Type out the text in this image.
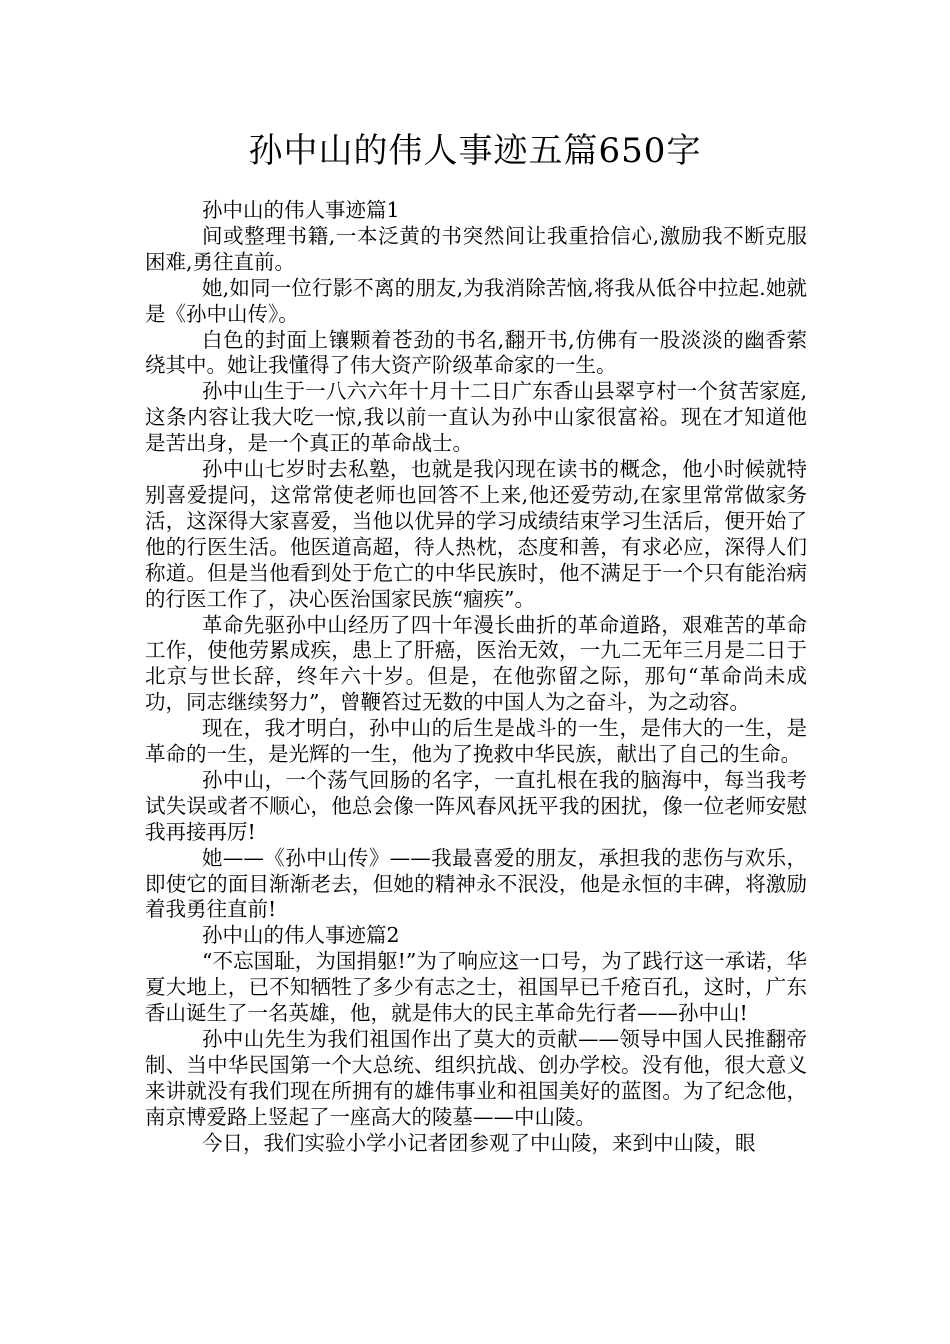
孙中山的伟人事迹五篇650字

孙中山的伟人事迹篇1

间或整理书籍,一本泛黄的书突然间让我重拾信心,激励我不断克服困难,勇往直前。

她,如同一位行影不离的朋友,为我消除苦恼,将我从低谷中拉起.她就是《孙中山传》。

白色的封面上镶颗着苍劲的书名,翻开书,仿佛有一股淡淡的幽香萦绕其中。她让我懂得了伟大资产阶级革命家的一生。

孙中山生于一八六六年十月十二日广东香山县翠亨村一个贫苦家庭,这条内容让我大吃一惊,我以前一直认为孙中山家很富裕。现在才知道他是苦出身，是一个真正的革命战士。

孙中山七岁时去私塾，也就是我闪现在读书的概念，他小时候就特别喜爱提问，这常常使老师也回答不上来,他还爱劳动,在家里常常做家务活，这深得大家喜爱，当他以优异的学习成绩结束学习生活后，便开始了他的行医生活。他医道高超，待人热枕，态度和善，有求必应，深得人们称道。但是当他看到处于危亡的中华民族时，他不满足于一个只有能治病的行医工作了，决心医治国家民族“痼疾”。

革命先驱孙中山经历了四十年漫长曲折的革命道路，艰难苦的革命工作，使他劳累成疾，患上了肝癌，医治无效，一九二无年三月是二日于北京与世长辞，终年六十岁。但是，在他弥留之际，那句“革命尚未成功，同志继续努力”，曾鞭笞过无数的中国人为之奋斗，为之动容。

现在，我才明白，孙中山的后生是战斗的一生，是伟大的一生，是革命的一生，是光辉的一生，他为了挽救中华民族，献出了自己的生命。

孙中山，一个荡气回肠的名字，一直扎根在我的脑海中，每当我考试失误或者不顺心，他总会像一阵风春风抚平我的困扰，像一位老师安慰我再接再厉!

她——《孙中山传》——我最喜爱的朋友，承担我的悲伤与欢乐，即使它的面目渐渐老去，但她的精神永不泯没，他是永恒的丰碑，将激励着我勇往直前!

孙中山的伟人事迹篇2

“不忘国耻，为国捐躯!”为了响应这一口号，为了践行这一承诺，华夏大地上，已不知牺牲了多少有志之士，祖国早已千疮百孔，这时，广东香山诞生了一名英雄，他，就是伟大的民主革命先行者——孙中山!

孙中山先生为我们祖国作出了莫大的贡献——领导中国人民推翻帝制、当中华民国第一个大总统、组织抗战、创办学校。没有他，很大意义来讲就没有我们现在所拥有的雄伟事业和祖国美好的蓝图。为了纪念他，南京博爱路上竖起了一座高大的陵墓——中山陵。

今日，我们实验小学小记者团参观了中山陵，来到中山陵，眼
